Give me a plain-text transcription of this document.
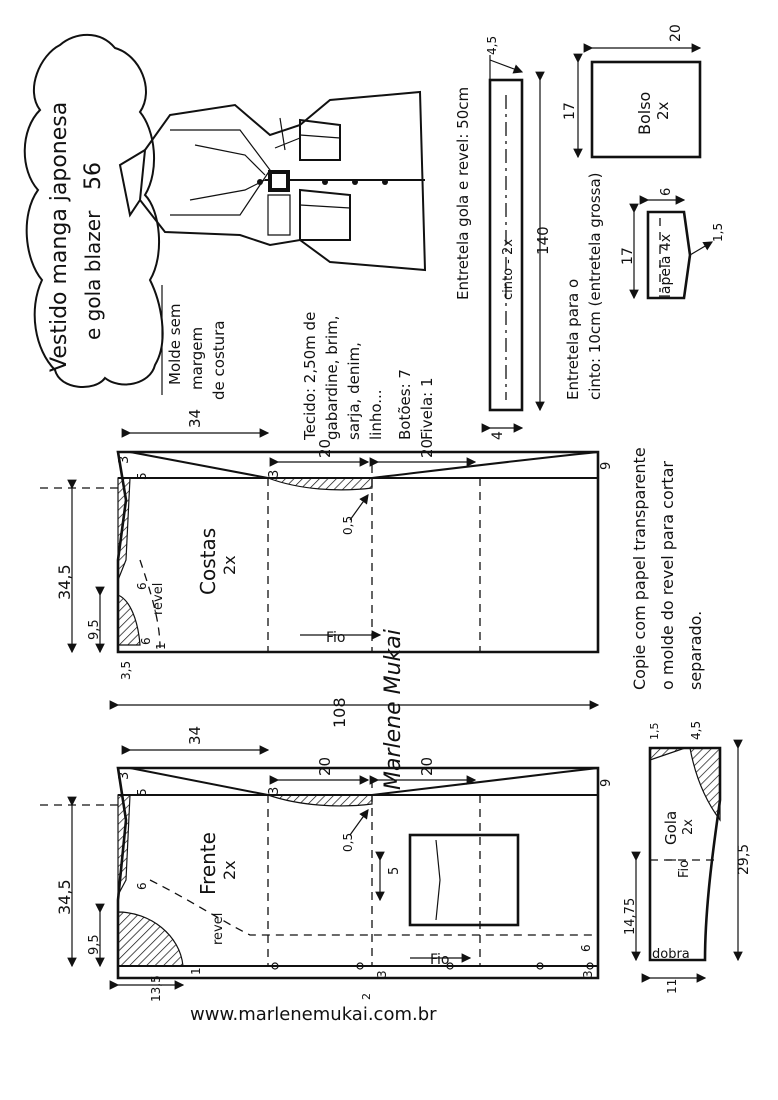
Vestido manga japonesa e gola blazer
56
Molde sem margem de costura	Tecido: 2,50m de gabardine, brim, sarja, denim, linho... Botões: 7 Fivela: 1
Entretela gola e revel: 50cm cinto - 2x 140
4
4,5
Entretela para o cinto: 10cm (entretela grossa)
Bolso 2x
20
17
lapela 4x
17
6
1,5
Costas 2x
revel
Fio
34
3
5	3
20	20
9
0,5
34,5
9,5
6
6
3,5
1
108 Marlene Mukai
Copie com papel transparente o molde do revel para cortar separado.
5
Frente 2x
revel
Fio
34
3
5	3
20	20
9
0,5
34,5
9,5
6
6
13,5
1
2
3	3
Gola 2x
Fio
dobra
1,5 4,5
29,5
14,75
11
www.marlenemukai.com.br
